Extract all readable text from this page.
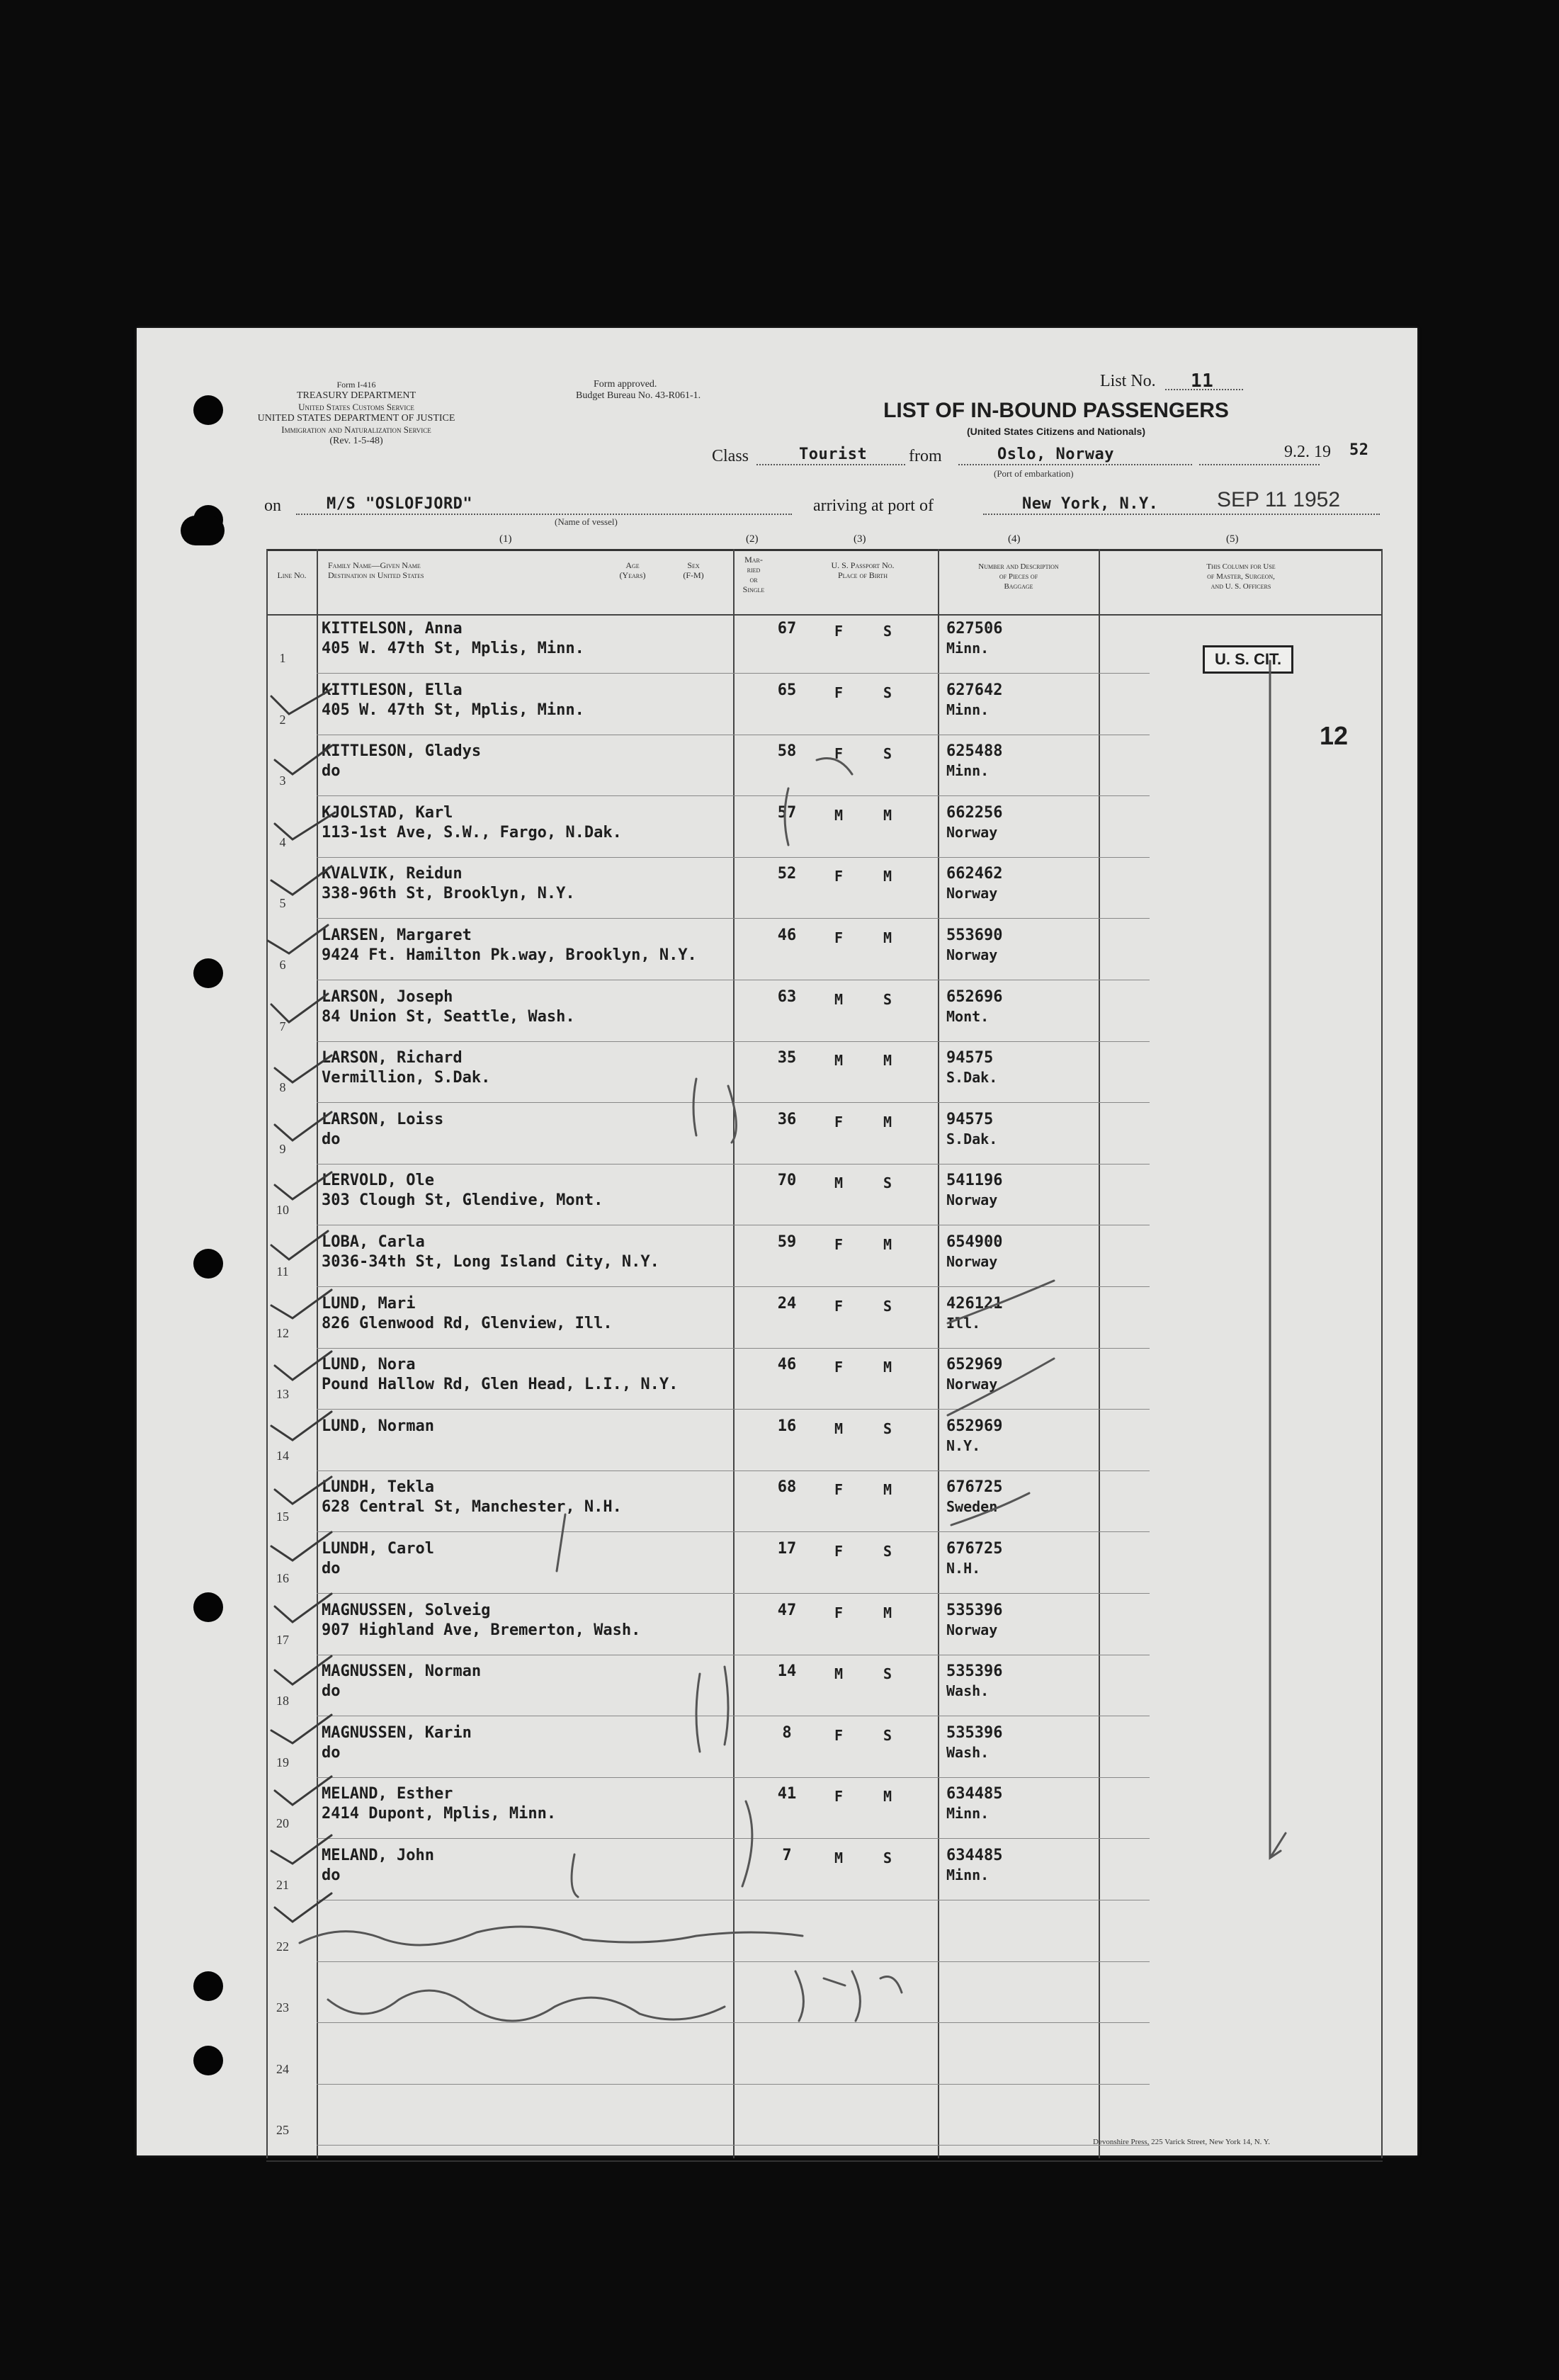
Form I-416
TREASURY DEPARTMENT
United States Customs Service
UNITED STATES DEPARTMENT OF JUSTICE
Immigration and Naturalization Service
(Rev. 1-5-48)
Form approved.
Budget Bureau No. 43-R061-1.
List No. 11
LIST OF IN-BOUND PASSENGERS
(United States Citizens and Nationals)
Class	Tourist from	Oslo, Norway
(Port of embarkation)
9.2. 19 52
on	M/S "OSLOFJORD"
(Name of vessel)
arriving at port of	New York, N.Y.	SEP 11 1952
(1)	(2)	(3)	(4)	(5)
Line No.
Family Name—Given Name
Destination in United States
Age
(Years)
Sex
(F-M)
Mar-
ried
or
Single
U. S. Passport No.
Place of Birth
Number and Description
of Pieces of
Baggage
This Column for Use
of Master, Surgeon,
and U. S. Officers
1
KITTELSON, Anna
405 W. 47th St, Mplis, Minn.
67	F	S	627506
Minn.
2
KITTLESON, Ella
405 W. 47th St, Mplis, Minn.
65	F	S	627642
Minn.
3
KITTLESON, Gladys
do
58	F	S	625488
Minn.
4
KJOLSTAD, Karl
113-1st Ave, S.W., Fargo, N.Dak.
57	M	M	662256
Norway
5
KVALVIK, Reidun
338-96th St, Brooklyn, N.Y.
52	F	M	662462
Norway
6
LARSEN, Margaret
9424 Ft. Hamilton Pk.way, Brooklyn, N.Y.
46	F	M	553690
Norway
7
LARSON, Joseph
84 Union St, Seattle, Wash.
63	M	S	652696
Mont.
8
LARSON, Richard
Vermillion, S.Dak.
35	M	M	94575
S.Dak.
9
LARSON, Loiss
do
36	F	M	94575
S.Dak.
10
LERVOLD, Ole
303 Clough St, Glendive, Mont.
70	M	S	541196
Norway
11
LOBA, Carla
3036-34th St, Long Island City, N.Y.
59	F	M	654900
Norway
12
LUND, Mari
826 Glenwood Rd, Glenview, Ill.
24	F	S	426121
Ill.
13
LUND, Nora
Pound Hallow Rd, Glen Head, L.I., N.Y.
46	F	M	652969
Norway
14
LUND, Norman	16	M	S	652969
N.Y.
15
LUNDH, Tekla
628 Central St, Manchester, N.H.
68	F	M	676725
Sweden
16
LUNDH, Carol
do
17	F	S	676725
N.H.
17
MAGNUSSEN, Solveig
907 Highland Ave, Bremerton, Wash.
47	F	M	535396
Norway
18
MAGNUSSEN, Norman
do
14	M	S	535396
Wash.
19
MAGNUSSEN, Karin
do
8	F	S	535396
Wash.
20
MELAND, Esther
2414 Dupont, Mplis, Minn.
41	F	M	634485
Minn.
21
MELAND, John
do
7	M	S	634485
Minn.
22
23
24
25
U. S. CIT.
12
Devonshire Press, 225 Varick Street, New York 14, N. Y.
